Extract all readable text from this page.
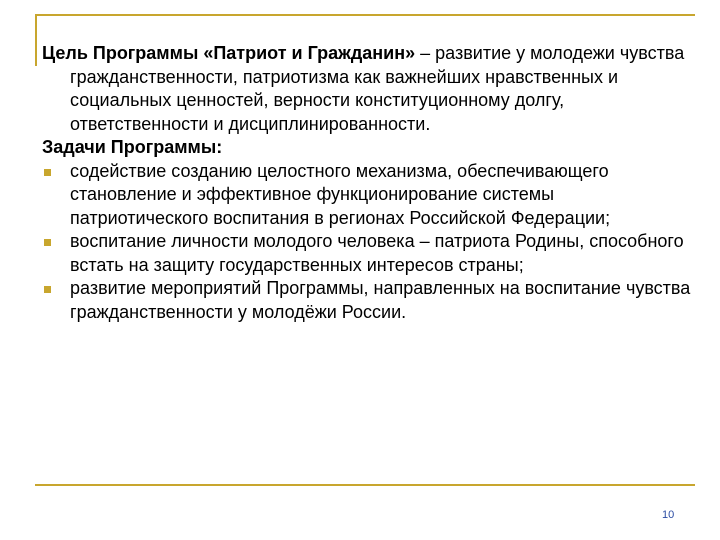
Цель Программы «Патриот и Гражданин» – развитие у молодежи чувства гражданственности, патриотизма как важнейших нравственных и социальных ценностей, верности конституционному долгу, ответственности и дисциплинированности.

Задачи Программы:

содействие созданию целостного механизма, обеспечивающего становление и эффективное функционирование системы патриотического воспитания в регионах Российской Федерации;
воспитание личности молодого человека – патриота Родины, способного встать на защиту государственных интересов страны;
развитие мероприятий Программы, направленных на воспитание чувства гражданственности у молодёжи России.
10
